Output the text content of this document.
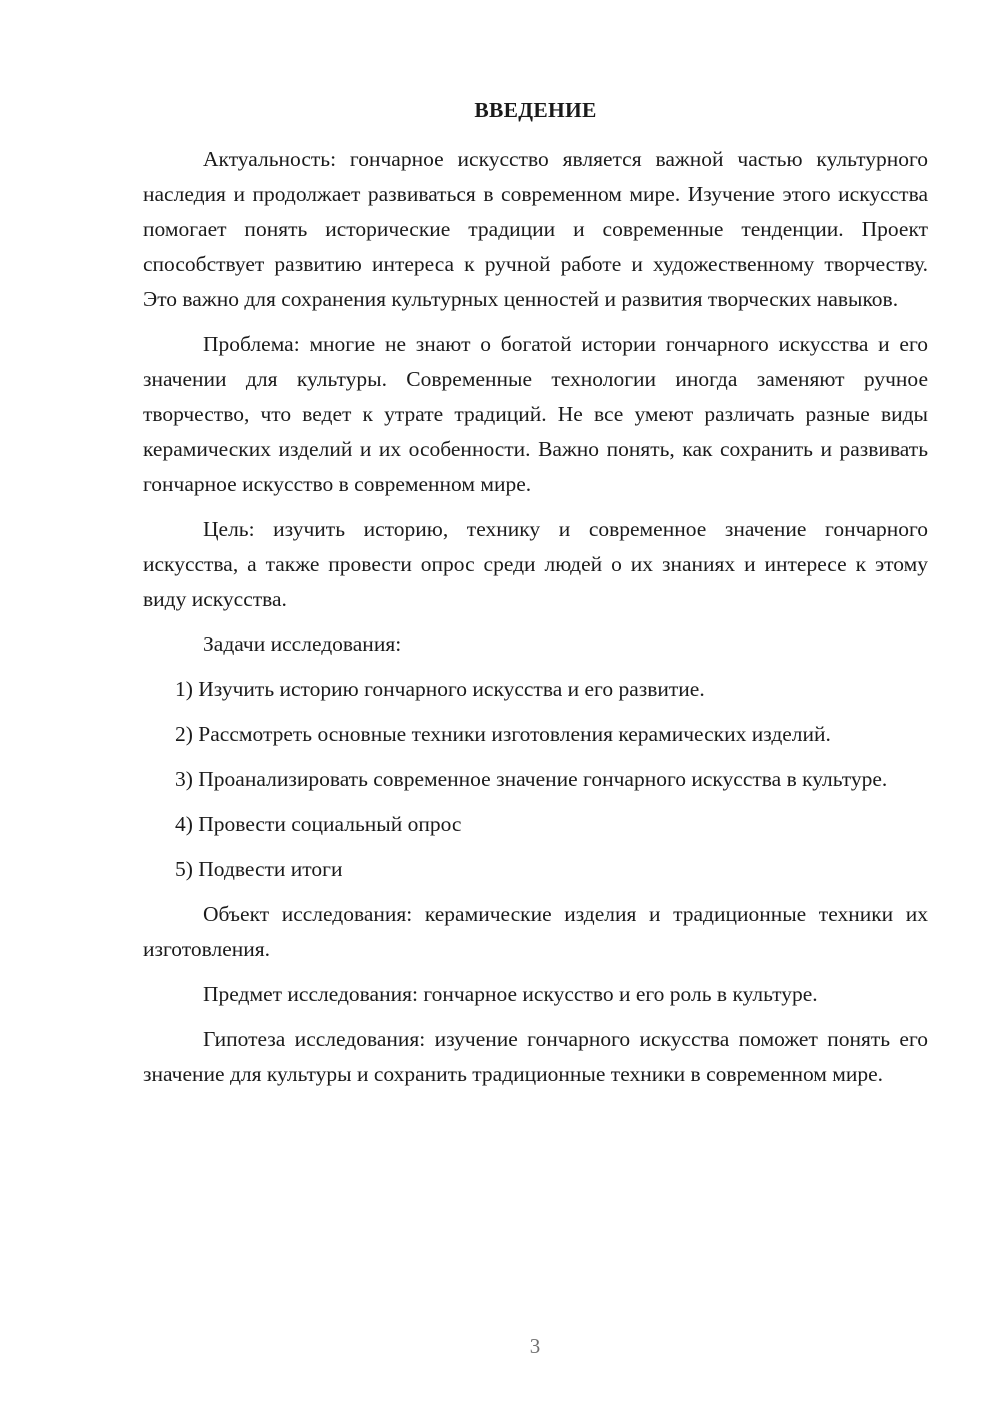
ВВЕДЕНИЕ

Актуальность: гончарное искусство является важной частью культурного наследия и продолжает развиваться в современном мире. Изучение этого искусства помогает понять исторические традиции и современные тенденции. Проект способствует развитию интереса к ручной работе и художественному творчеству. Это важно для сохранения культурных ценностей и развития творческих навыков.

Проблема: многие не знают о богатой истории гончарного искусства и его значении для культуры. Современные технологии иногда заменяют ручное творчество, что ведет к утрате традиций. Не все умеют различать разные виды керамических изделий и их особенности. Важно понять, как сохранить и развивать гончарное искусство в современном мире.

Цель: изучить историю, технику и современное значение гончарного искусства, а также провести опрос среди людей о их знаниях и интересе к этому виду искусства.

Задачи исследования:

1) Изучить историю гончарного искусства и его развитие.

2) Рассмотреть основные техники изготовления керамических изделий.

3) Проанализировать современное значение гончарного искусства в культуре.

4) Провести социальный опрос

5) Подвести итоги

Объект исследования: керамические изделия и традиционные техники их изготовления.

Предмет исследования: гончарное искусство и его роль в культуре.

Гипотеза исследования: изучение гончарного искусства поможет понять его значение для культуры и сохранить традиционные техники в современном мире.

3
